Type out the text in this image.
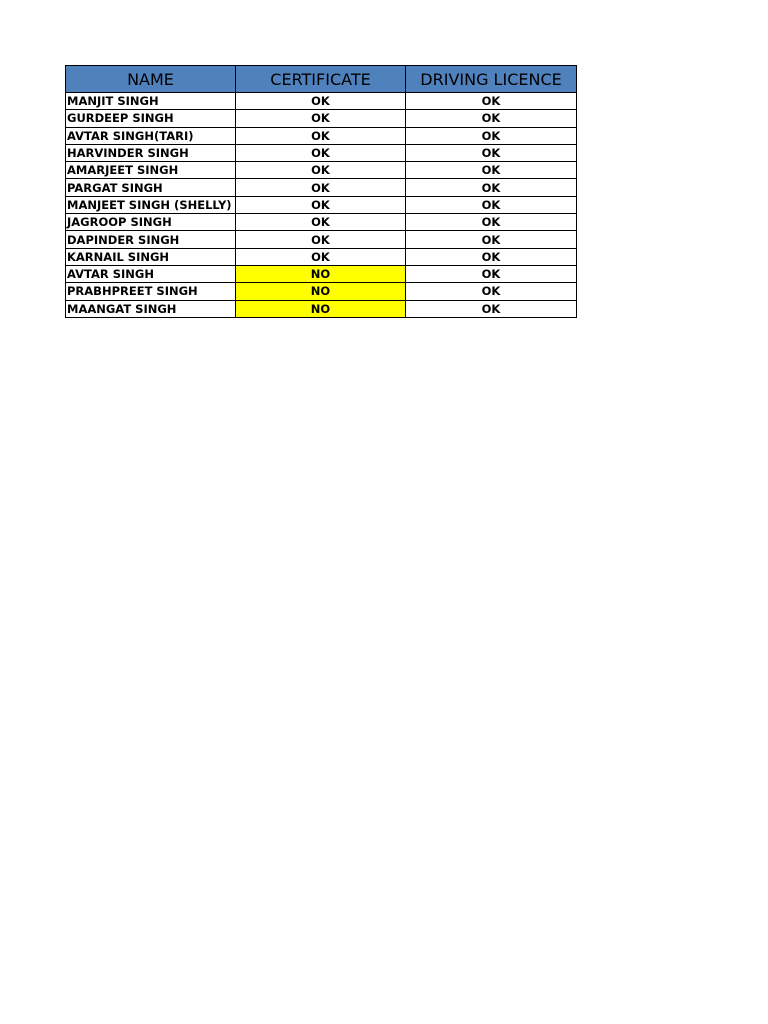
NAME	CERTIFICATE	DRIVING LICENCE
MANJIT SINGH	OK	OK
GURDEEP SINGH	OK	OK
AVTAR SINGH(TARI)	OK	OK
HARVINDER SINGH	OK	OK
AMARJEET SINGH	OK	OK
PARGAT SINGH	OK	OK
MANJEET SINGH (SHELLY)	OK	OK
JAGROOP SINGH	OK	OK
DAPINDER SINGH	OK	OK
KARNAIL SINGH	OK	OK
AVTAR SINGH	NO	OK
PRABHPREET SINGH	NO	OK
MAANGAT SINGH	NO	OK
